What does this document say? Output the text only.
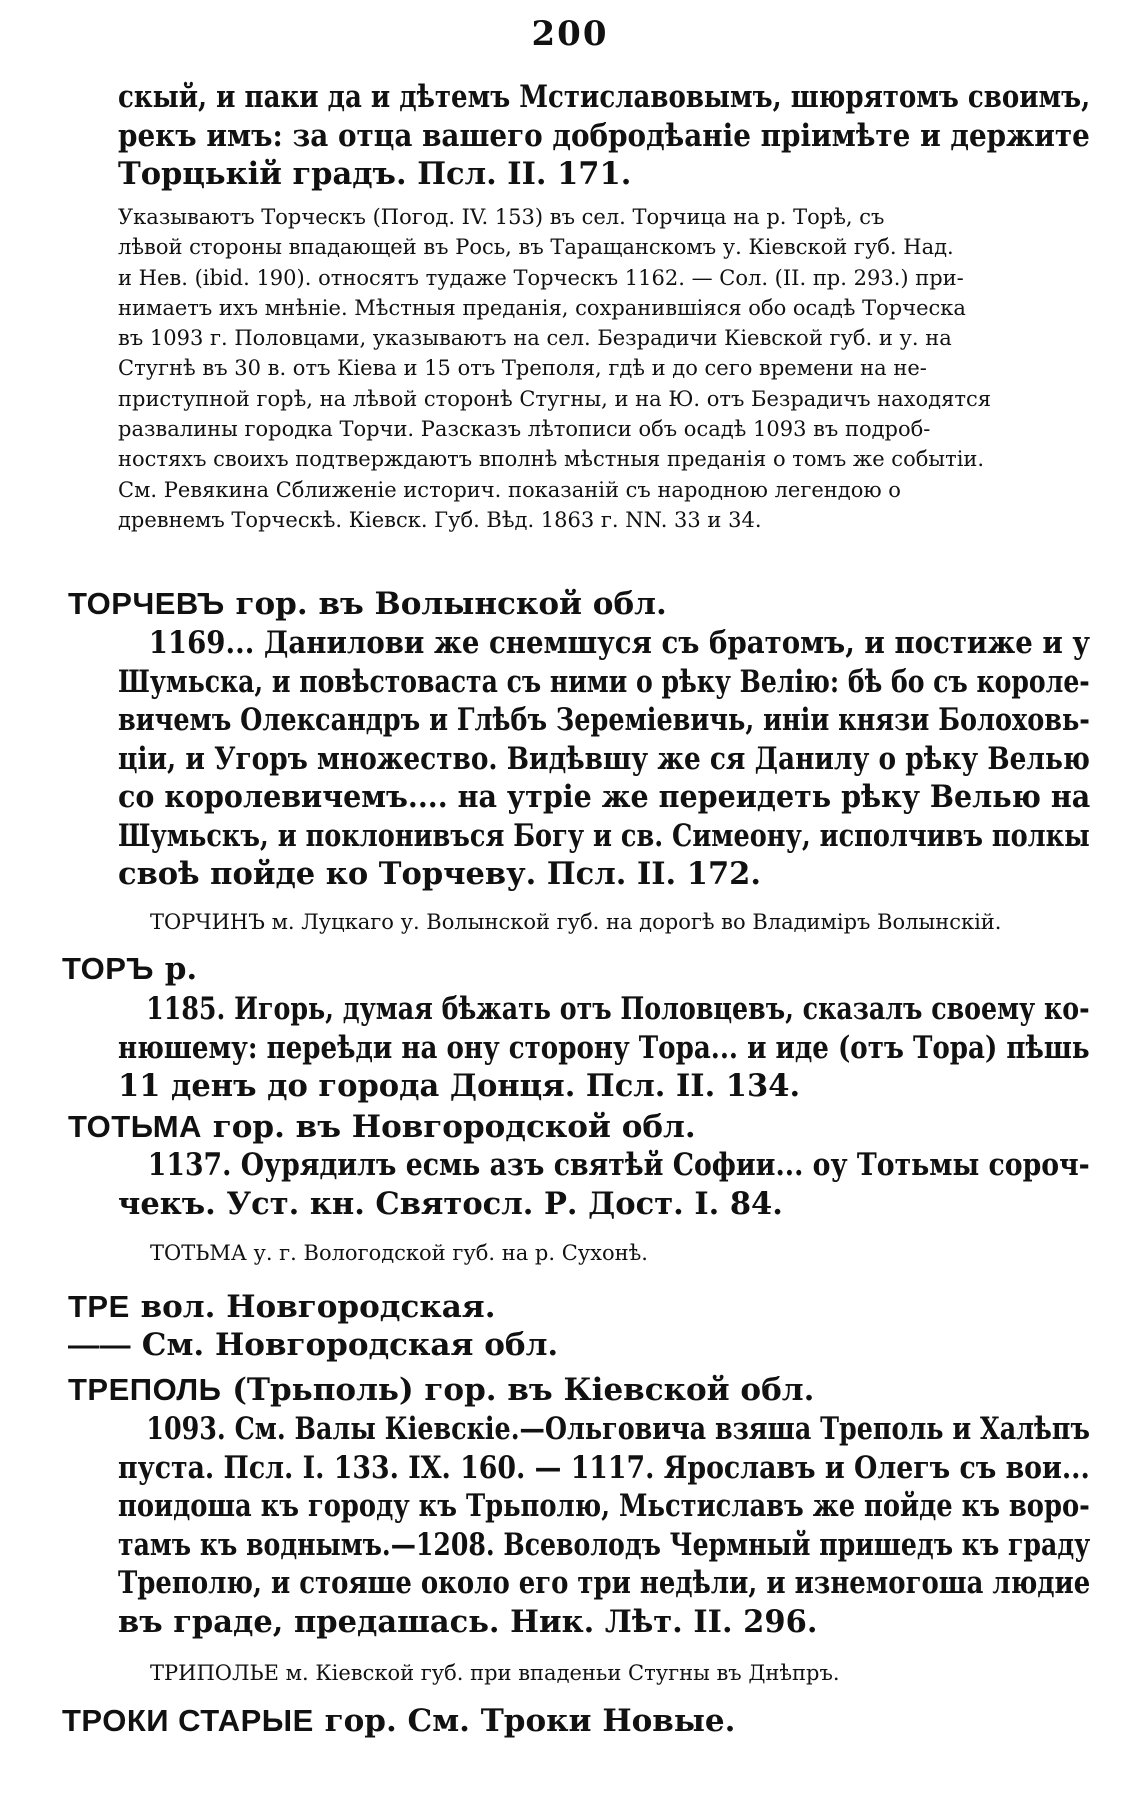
200
скый, и паки да и дѣтемъ Мстиславовымъ, шюрятомъ своимъ,
рекъ имъ: за отца вашего добродѣаніе пріимѣте и держите
Торцькій градъ. Псл. II. 171.
Указываютъ Торческъ (Погод. IV. 153) въ сел. Торчица на р. Торѣ, съ
лѣвой стороны впадающей въ Рось, въ Таращанскомъ у. Кіевской губ. Над.
и Нев. (ibid. 190). относятъ тудаже Торческъ 1162. — Сол. (II. пр. 293.) при-
нимаетъ ихъ мнѣніе. Мѣстныя преданія, сохранившіяся обо осадѣ Торческа
въ 1093 г. Половцами, указываютъ на сел. Безрадичи Кіевской губ. и у. на
Стугнѣ въ 30 в. отъ Кіева и 15 отъ Треполя, гдѣ и до сего времени на не-
приступной горѣ, на лѣвой сторонѣ Стугны, и на Ю. отъ Безрадичъ находятся
развалины городка Торчи. Разсказъ лѣтописи объ осадѣ 1093 въ подроб-
ностяхъ своихъ подтверждаютъ вполнѣ мѣстныя преданія о томъ же событіи.
См. Ревякина Сближеніе историч. показаній съ народною легендою о
древнемъ Торческѣ. Кіевск. Губ. Вѣд. 1863 г. NN. 33 и 34.
ТОРЧЕВЪ гор. въ Волынской обл.
1169... Данилови же снемшуся съ братомъ, и постиже и у
Шумьска, и повѣстоваста съ ними о рѣку Велію: бѣ бо съ короле-
вичемъ Олександръ и Глѣбъ Зереміевичь, иніи князи Болоховь-
ціи, и Угоръ множество. Видѣвшу же ся Данилу о рѣку Велью
со королевичемъ.... на утріе же переидеть рѣку Велью на
Шумьскъ, и поклонивъся Богу и св. Симеону, исполчивъ полкы
своѣ пойде ко Торчеву. Псл. II. 172.
ТОРЧИНЪ м. Луцкаго у. Волынской губ. на дорогѣ во Владиміръ Волынскій.
ТОРЪ р.
1185. Игорь, думая бѣжать отъ Половцевъ, сказалъ своему ко-
нюшему: переѣди на ону сторону Тора... и иде (отъ Тора) пѣшь
11 денъ до города Донця. Псл. II. 134.
ТОТЬМА гор. въ Новгородской обл.
1137. Оурядилъ есмь азъ святѣй Софии... оу Тотьмы сороч-
чекъ. Уст. кн. Святосл. Р. Дост. I. 84.
ТОТЬМА у. г. Вологодской губ. на р. Сухонѣ.
ТРЕ вол. Новгородская.
—— См. Новгородская обл.
ТРЕПОЛЬ (Трьполь) гор. въ Кіевской обл.
1093. См. Валы Кіевскіе.—Ольговича взяша Треполь и Халѣпъ
пуста. Псл. I. 133. IX. 160. — 1117. Ярославъ и Олегъ съ вои...
поидоша къ городу къ Трьполю, Мьстиславъ же пойде къ воро-
тамъ къ воднымъ.—1208. Всеволодъ Чермный пришедъ къ граду
Треполю, и стояше около его три недѣли, и изнемогоша людие
въ граде, предашась. Ник. Лѣт. II. 296.
ТРИПОЛЬЕ м. Кіевской губ. при впаденьи Стугны въ Днѣпръ.
ТРОКИ СТАРЫЕ гор. См. Троки Новые.
